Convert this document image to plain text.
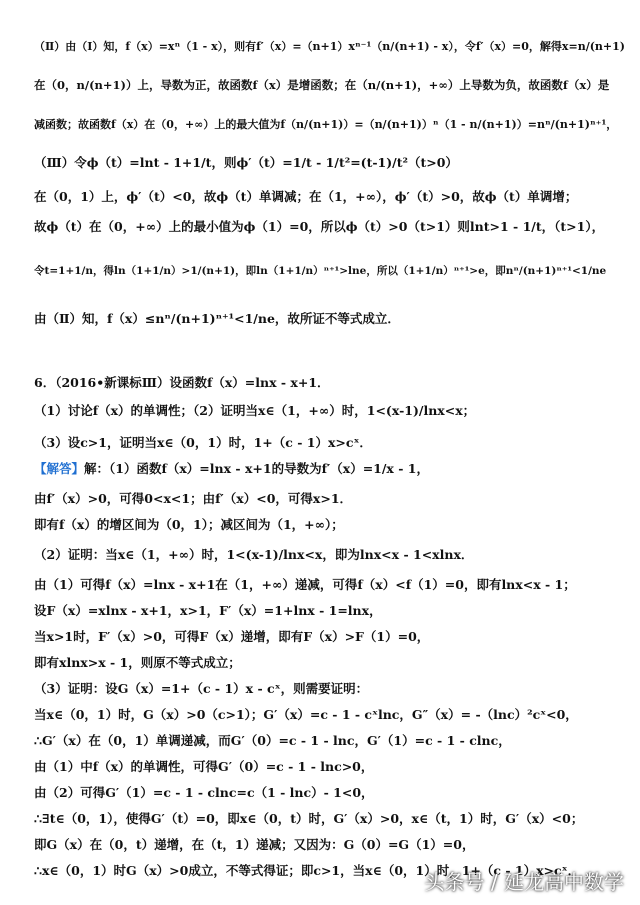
（Ⅱ）由（Ⅰ）知，f（x）=xⁿ（1 - x），则有f′（x）=（n+1）xⁿ⁻¹（n/(n+1) - x），令f′（x）=0，解得x=n/(n+1)
在（0，n/(n+1)）上，导数为正，故函数f（x）是增函数；在（n/(n+1)，+∞）上导数为负，故函数f（x）是
减函数；故函数f（x）在（0，+∞）上的最大值为f（n/(n+1)）=（n/(n+1)）ⁿ（1 - n/(n+1)）=nⁿ/(n+1)ⁿ⁺¹，
（Ⅲ）令ϕ（t）=lnt - 1+1/t，则ϕ′（t）=1/t - 1/t²=(t-1)/t²（t>0）
在（0，1）上，ϕ′（t）<0，故ϕ（t）单调减；在（1，+∞），ϕ′（t）>0，故ϕ（t）单调增；
故ϕ（t）在（0，+∞）上的最小值为ϕ（1）=0，所以ϕ（t）>0（t>1）则lnt>1 - 1/t，（t>1），
令t=1+1/n，得ln（1+1/n）>1/(n+1)，即ln（1+1/n）ⁿ⁺¹>lne，所以（1+1/n）ⁿ⁺¹>e，即nⁿ/(n+1)ⁿ⁺¹<1/ne
由（Ⅱ）知，f（x）≤nⁿ/(n+1)ⁿ⁺¹<1/ne，故所证不等式成立．
6．（2016•新课标Ⅲ）设函数f（x）=lnx - x+1．
（1）讨论f（x）的单调性；（2）证明当x∈（1，+∞）时，1<(x-1)/lnx<x；
（3）设c>1，证明当x∈（0，1）时，1+（c - 1）x>cˣ．
【解答】解：（1）函数f（x）=lnx - x+1的导数为f′（x）=1/x - 1，
由f′（x）>0，可得0<x<1；由f′（x）<0，可得x>1．
即有f（x）的增区间为（0，1）；减区间为（1，+∞）；
（2）证明：当x∈（1，+∞）时，1<(x-1)/lnx<x，即为lnx<x - 1<xlnx．
由（1）可得f（x）=lnx - x+1在（1，+∞）递减，可得f（x）<f（1）=0，即有lnx<x - 1；
设F（x）=xlnx - x+1，x>1，F′（x）=1+lnx - 1=lnx，
当x>1时，F′（x）>0，可得F（x）递增，即有F（x）>F（1）=0，
即有xlnx>x - 1，则原不等式成立；
（3）证明：设G（x）=1+（c - 1）x - cˣ，则需要证明：
当x∈（0，1）时，G（x）>0（c>1）；G′（x）=c - 1 - cˣlnc，G″（x）= -（lnc）²cˣ<0，
∴G′（x）在（0，1）单调递减，而G′（0）=c - 1 - lnc，G′（1）=c - 1 - clnc，
由（1）中f（x）的单调性，可得G′（0）=c - 1 - lnc>0，
由（2）可得G′（1）=c - 1 - clnc=c（1 - lnc）- 1<0，
∴∃t∈（0，1），使得G′（t）=0，即x∈（0，t）时，G′（x）>0，x∈（t，1）时，G′（x）<0；
即G（x）在（0，t）递增，在（t，1）递减；又因为：G（0）=G（1）=0，
∴x∈（0，1）时G（x）>0成立，不等式得证；即c>1，当x∈（0，1）时，1+（c - 1）x>cˣ．
头条号 / 延龙高中数学
